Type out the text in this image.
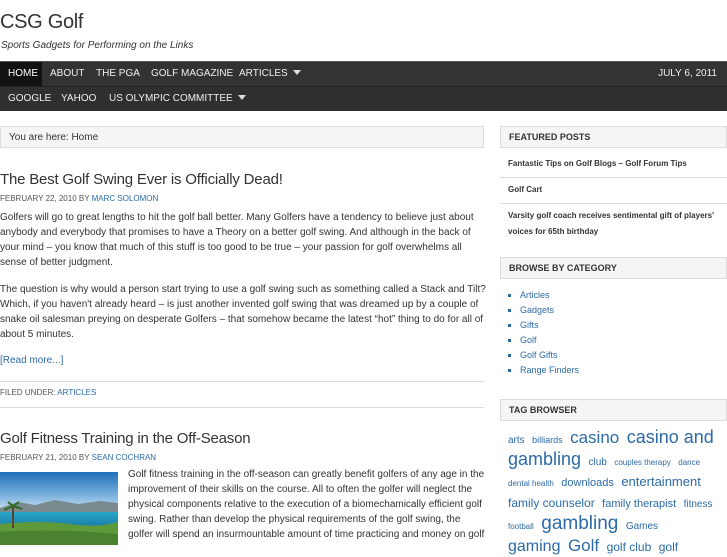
CSG Golf
Sports Gadgets for Performing on the Links
HOME	ABOUT	THE PGA	GOLF MAGAZINE ARTICLES	JULY 6, 2011
GOOGLE YAHOO	US OLYMPIC COMMITTEE
You are here: Home
The Best Golf Swing Ever is Officially Dead!
FEBRUARY 22, 2010 BY MARC SOLOMON
Golfers will go to great lengths to hit the golf ball better. Many Golfers have a tendency to believe just about anybody and everybody that promises to have a Theory on a better golf swing. And although in the back of your mind – you know that much of this stuff is too good to be true – your passion for golf overwhelms all sense of better judgment.
The question is why would a person start trying to use a golf swing such as something called a Stack and Tilt? Which, if you haven't already heard – is just another invented golf swing that was dreamed up by a couple of snake oil salesman preying on desperate Golfers – that somehow became the latest “hot” thing to do for all of about 5 minutes.
[Read more...]
FILED UNDER: ARTICLES
Golf Fitness Training in the Off-Season
FEBRUARY 21, 2010 BY SEAN COCHRAN
Golf fitness training in the off-season can greatly benefit golfers of any age in the improvement of their skills on the course. All to often the golfer will neglect the physical components relative to the execution of a biomechamically efficient golf swing. Rather than develop the physical requirements of the golf swing, the golfer will spend an insurmountable amount of time practicing and money on golf
FEATURED POSTS
Fantastic Tips on Golf Blogs – Golf Forum Tips
Golf Cart
Varsity golf coach receives sentimental gift of players' voices for 65th birthday
BROWSE BY CATEGORY
▪ Articles
▪ Gadgets
▪ Gifts
▪ Golf
▪ Golf Gifts
▪ Range Finders
TAG BROWSER
arts billiards casino casino and gambling club couples therapy dance dental health downloads entertainment family counselor family therapist fitness football gambling Games gaming Golf golf club golf
